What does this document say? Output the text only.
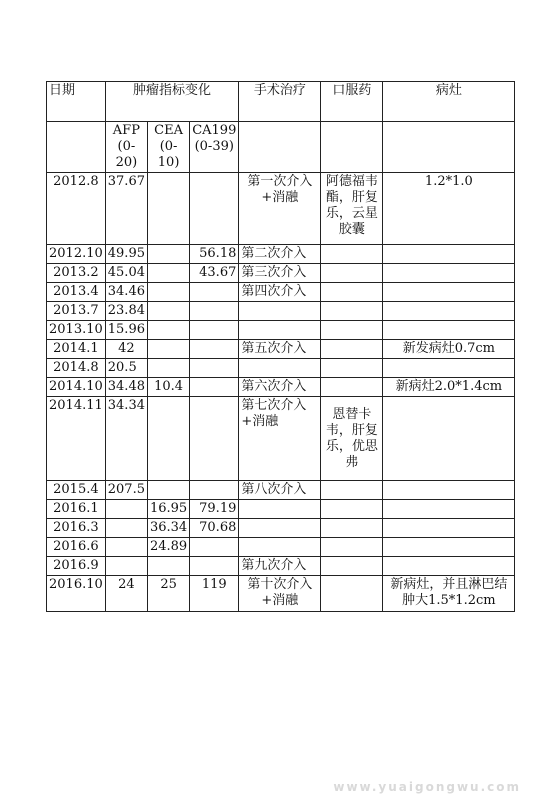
日期	肿瘤指标变化			手术治疗	口服药	病灶
	AFP (0-20)	CEA (0-10)	CA199 (0-39)			
2012.8	37.67			第一次介入 +消融	阿德福韦酯，肝复乐，云星胶囊	1.2*1.0
2012.10	49.95		56.18	第二次介入		
2013.2	45.04		43.67	第三次介入		
2013.4	34.46			第四次介入		
2013.7	23.84					
2013.10	15.96					
2014.1	42			第五次介入		新发病灶0.7cm
2014.8	20.5					
2014.10	34.48	10.4		第六次介入		新病灶2.0*1.4cm
2014.11	34.34			第七次介入 +消融	恩替卡韦，肝复乐，优思弗	
2015.4	207.5			第八次介入		
2016.1		16.95	79.19			
2016.3		36.34	70.68			
2016.6		24.89				
2016.9				第九次介入		
2016.10	24	25	119	第十次介入 +消融		新病灶，并且淋巴结肿大1.5*1.2cm
www.yuaigongwu.com
